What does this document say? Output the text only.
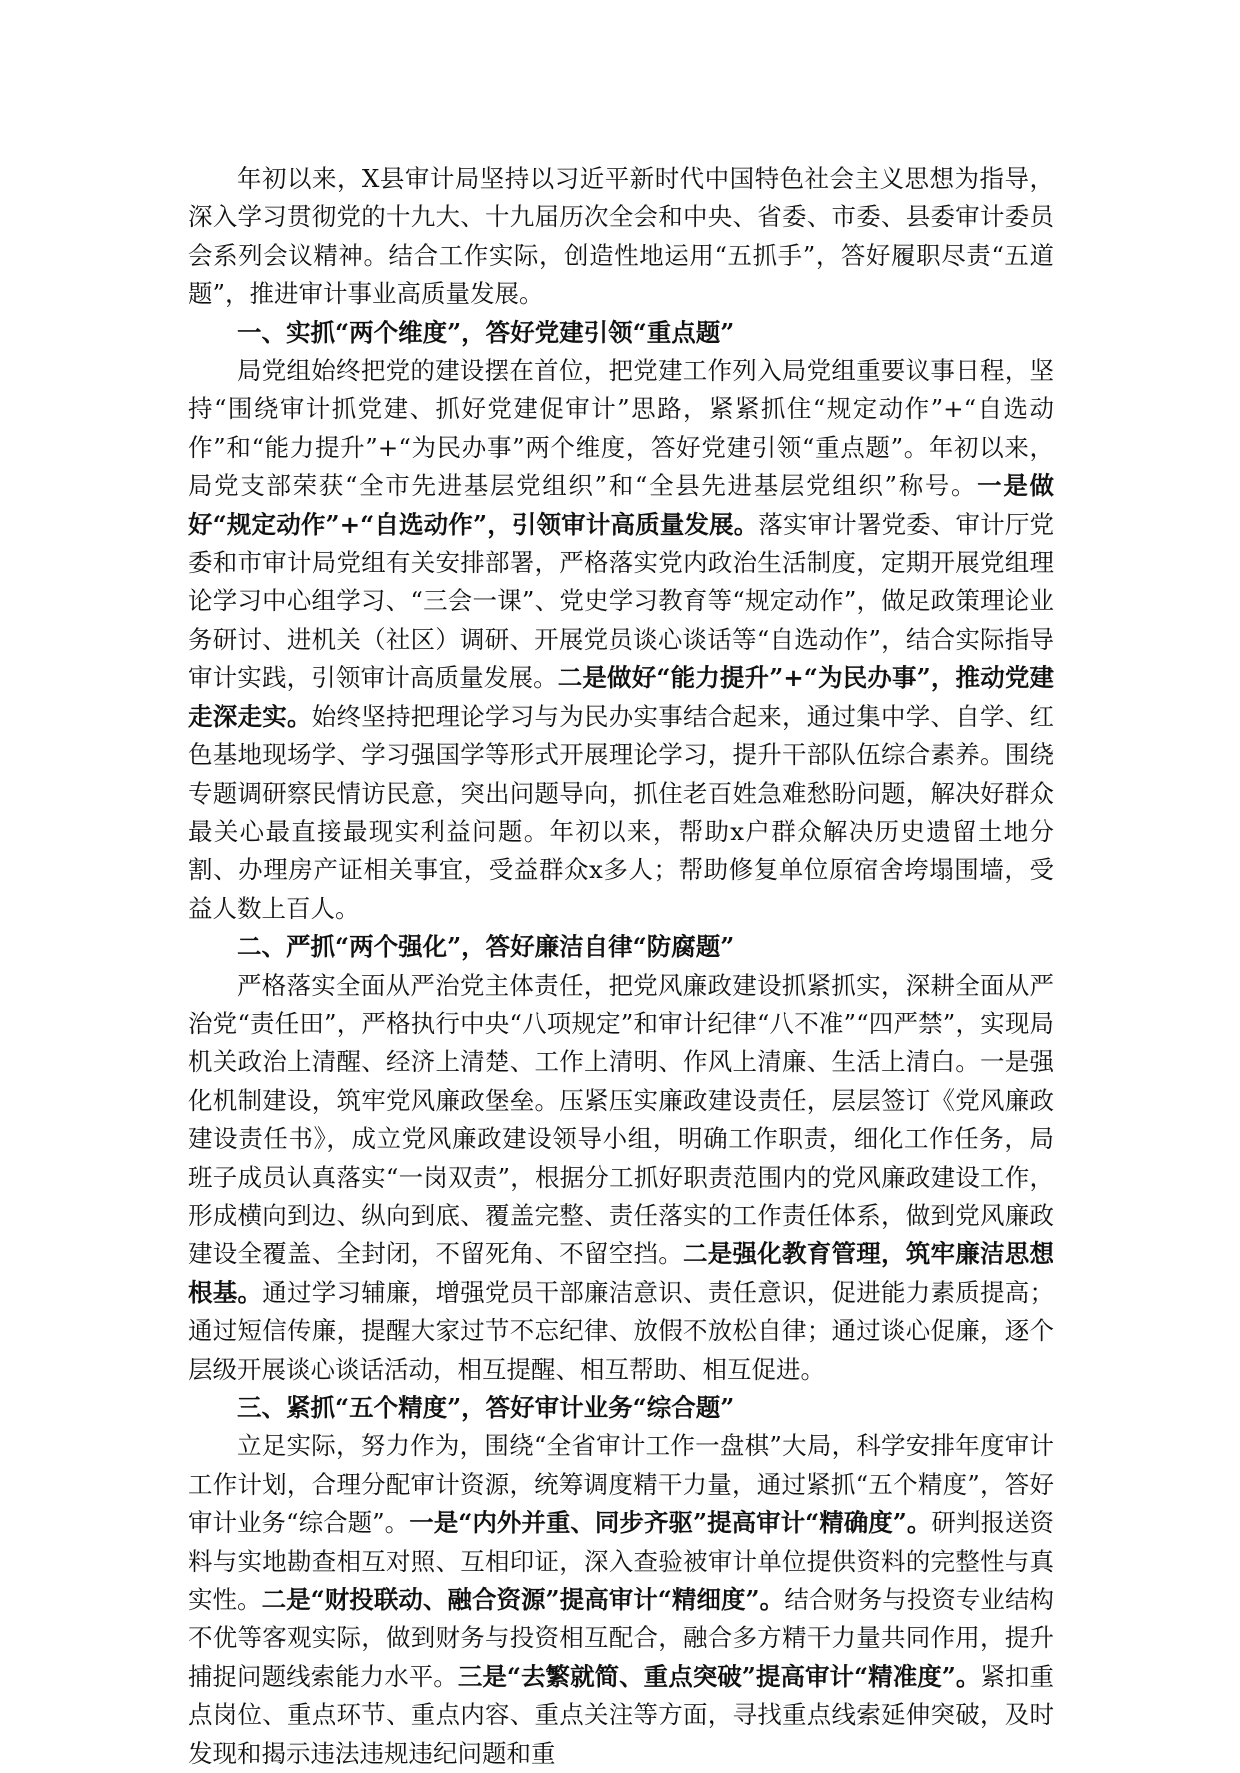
年初以来，X县审计局坚持以习近平新时代中国特色社会主义思想为指导，深入学习贯彻党的十九大、十九届历次全会和中央、省委、市委、县委审计委员会系列会议精神。结合工作实际，创造性地运用“五抓手”，答好履职尽责“五道题”，推进审计事业高质量发展。

一、实抓“两个维度”，答好党建引领“重点题”

局党组始终把党的建设摆在首位，把党建工作列入局党组重要议事日程，坚持“围绕审计抓党建、抓好党建促审计”思路，紧紧抓住“规定动作”+“自选动作”和“能力提升”+“为民办事”两个维度，答好党建引领“重点题”。年初以来，局党支部荣获“全市先进基层党组织”和“全县先进基层党组织”称号。一是做好“规定动作”+“自选动作”，引领审计高质量发展。落实审计署党委、审计厅党委和市审计局党组有关安排部署，严格落实党内政治生活制度，定期开展党组理论学习中心组学习、“三会一课”、党史学习教育等“规定动作”，做足政策理论业务研讨、进机关（社区）调研、开展党员谈心谈话等“自选动作”，结合实际指导审计实践，引领审计高质量发展。二是做好“能力提升”+“为民办事”，推动党建走深走实。始终坚持把理论学习与为民办实事结合起来，通过集中学、自学、红色基地现场学、学习强国学等形式开展理论学习，提升干部队伍综合素养。围绕专题调研察民情访民意，突出问题导向，抓住老百姓急难愁盼问题，解决好群众最关心最直接最现实利益问题。年初以来，帮助x户群众解决历史遗留土地分割、办理房产证相关事宜，受益群众x多人；帮助修复单位原宿舍垮塌围墙，受益人数上百人。

二、严抓“两个强化”，答好廉洁自律“防腐题”

严格落实全面从严治党主体责任，把党风廉政建设抓紧抓实，深耕全面从严治党“责任田”，严格执行中央“八项规定”和审计纪律“八不准”“四严禁”，实现局机关政治上清醒、经济上清楚、工作上清明、作风上清廉、生活上清白。一是强化机制建设，筑牢党风廉政堡垒。压紧压实廉政建设责任，层层签订《党风廉政建设责任书》，成立党风廉政建设领导小组，明确工作职责，细化工作任务，局班子成员认真落实“一岗双责”，根据分工抓好职责范围内的党风廉政建设工作，形成横向到边、纵向到底、覆盖完整、责任落实的工作责任体系，做到党风廉政建设全覆盖、全封闭，不留死角、不留空挡。二是强化教育管理，筑牢廉洁思想根基。通过学习辅廉，增强党员干部廉洁意识、责任意识，促进能力素质提高；通过短信传廉，提醒大家过节不忘纪律、放假不放松自律；通过谈心促廉，逐个层级开展谈心谈话活动，相互提醒、相互帮助、相互促进。

三、紧抓“五个精度”，答好审计业务“综合题”

立足实际，努力作为，围绕“全省审计工作一盘棋”大局，科学安排年度审计工作计划，合理分配审计资源，统筹调度精干力量，通过紧抓“五个精度”，答好审计业务“综合题”。一是“内外并重、同步齐驱”提高审计“精确度”。研判报送资料与实地勘查相互对照、互相印证，深入查验被审计单位提供资料的完整性与真实性。二是“财投联动、融合资源”提高审计“精细度”。结合财务与投资专业结构不优等客观实际，做到财务与投资相互配合，融合多方精干力量共同作用，提升捕捉问题线索能力水平。三是“去繁就简、重点突破”提高审计“精准度”。紧扣重点岗位、重点环节、重点内容、重点关注等方面，寻找重点线索延伸突破，及时发现和揭示违法违规违纪问题和重
